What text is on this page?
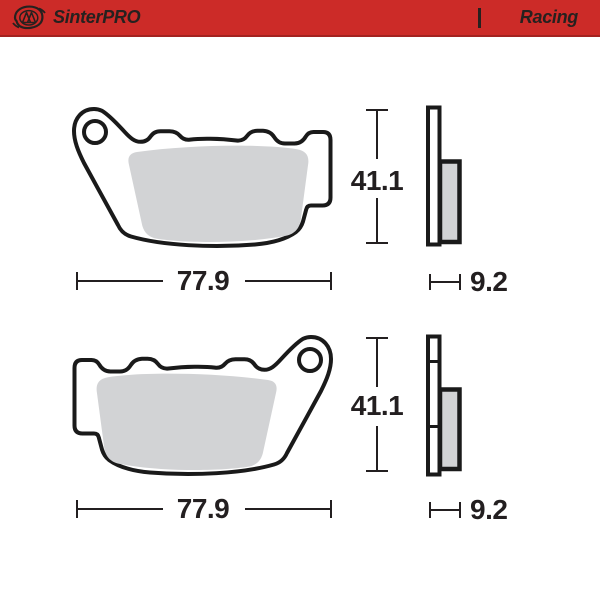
41.1
77.9	9.2
41.1
77.9	9.2
SinterPRO	Racing
